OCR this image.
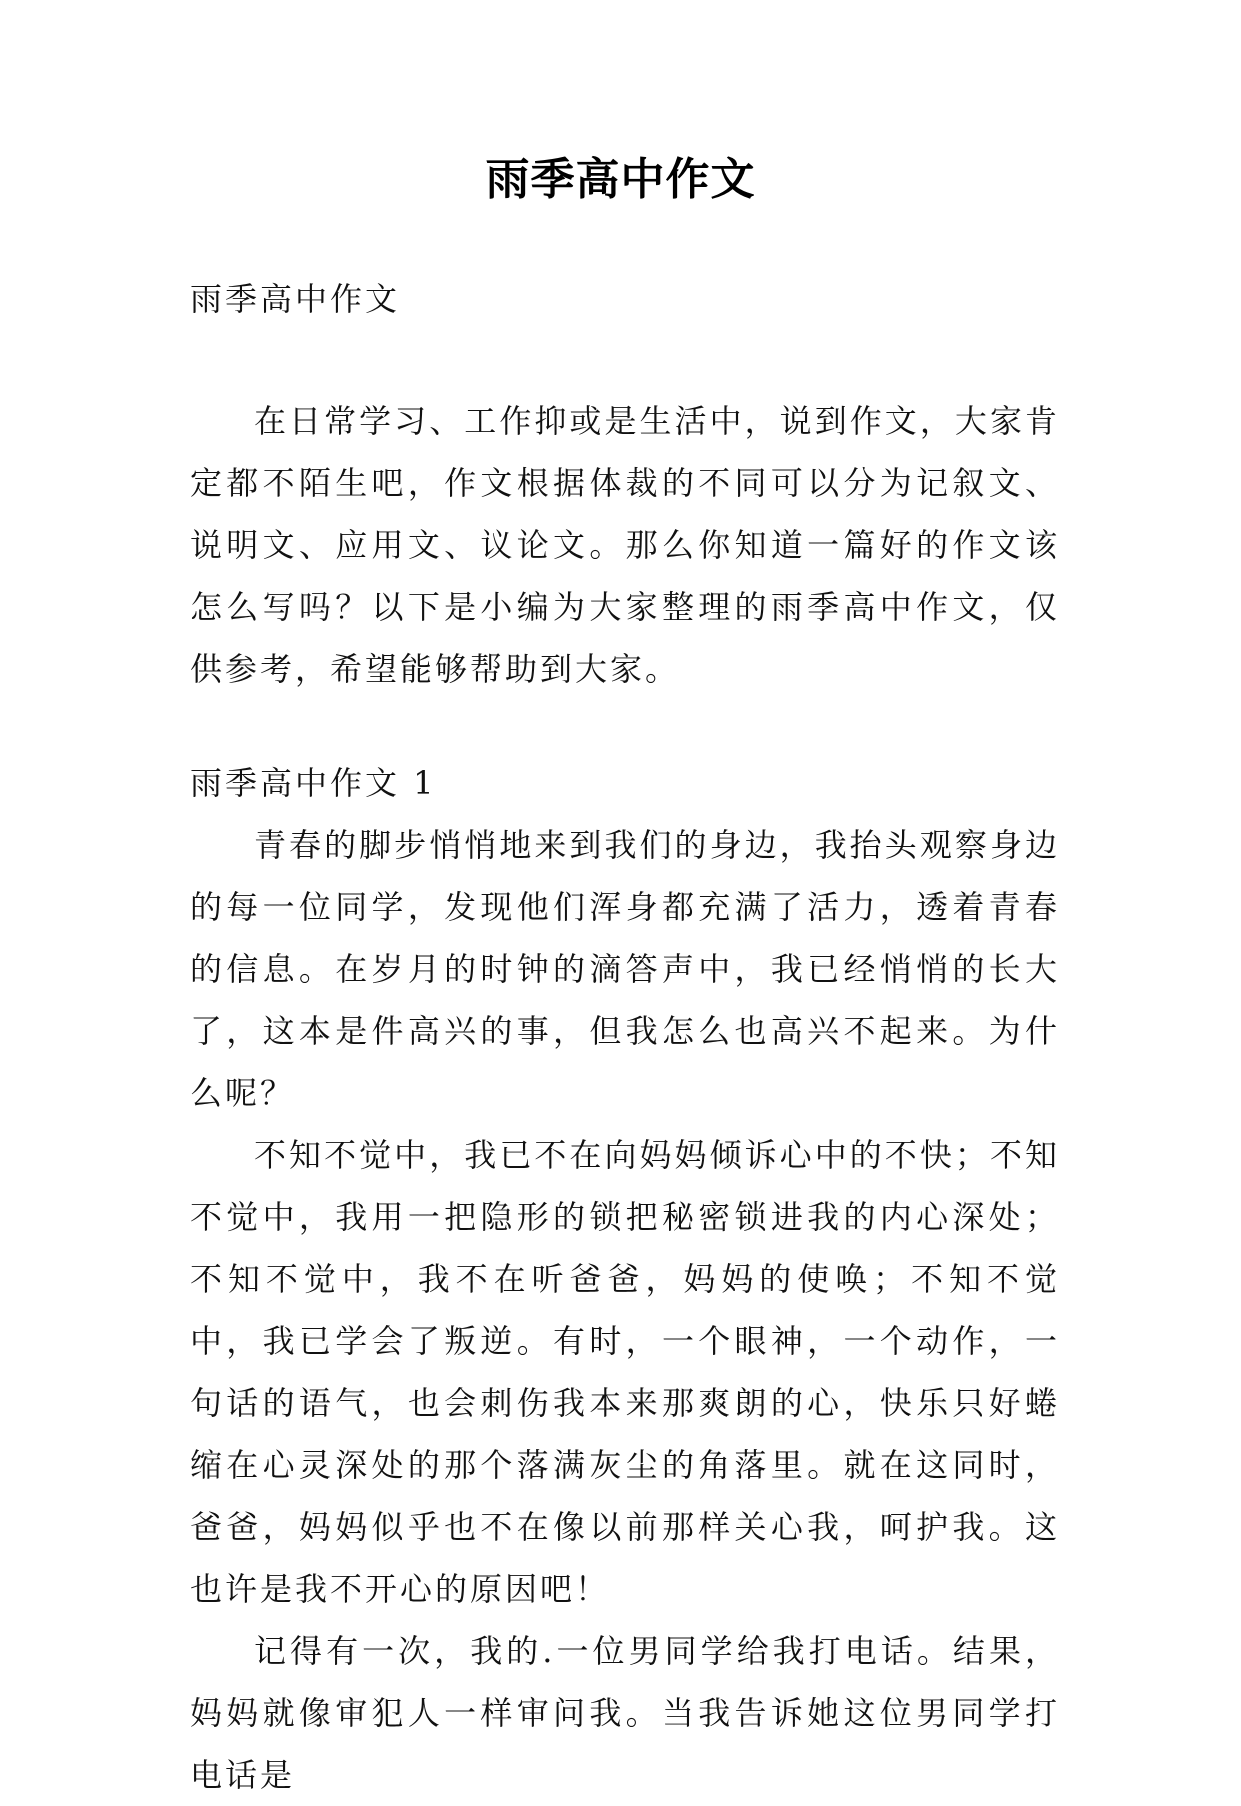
雨季高中作文

雨季高中作文

在日常学习、工作抑或是生活中，说到作文，大家肯定都不陌生吧，作文根据体裁的不同可以分为记叙文、说明文、应用文、议论文。那么你知道一篇好的作文该怎么写吗？以下是小编为大家整理的雨季高中作文，仅供参考，希望能够帮助到大家。

雨季高中作文 1

青春的脚步悄悄地来到我们的身边，我抬头观察身边的每一位同学，发现他们浑身都充满了活力，透着青春的信息。在岁月的时钟的滴答声中，我已经悄悄的长大了，这本是件高兴的事，但我怎么也高兴不起来。为什么呢？

不知不觉中，我已不在向妈妈倾诉心中的不快；不知不觉中，我用一把隐形的锁把秘密锁进我的内心深处；不知不觉中，我不在听爸爸，妈妈的使唤；不知不觉中，我已学会了叛逆。有时，一个眼神，一个动作，一句话的语气，也会刺伤我本来那爽朗的心，快乐只好蜷缩在心灵深处的那个落满灰尘的角落里。就在这同时，爸爸，妈妈似乎也不在像以前那样关心我，呵护我。这也许是我不开心的原因吧！

记得有一次，我的.一位男同学给我打电话。结果，妈妈就像审犯人一样审问我。当我告诉她这位男同学打电话是
